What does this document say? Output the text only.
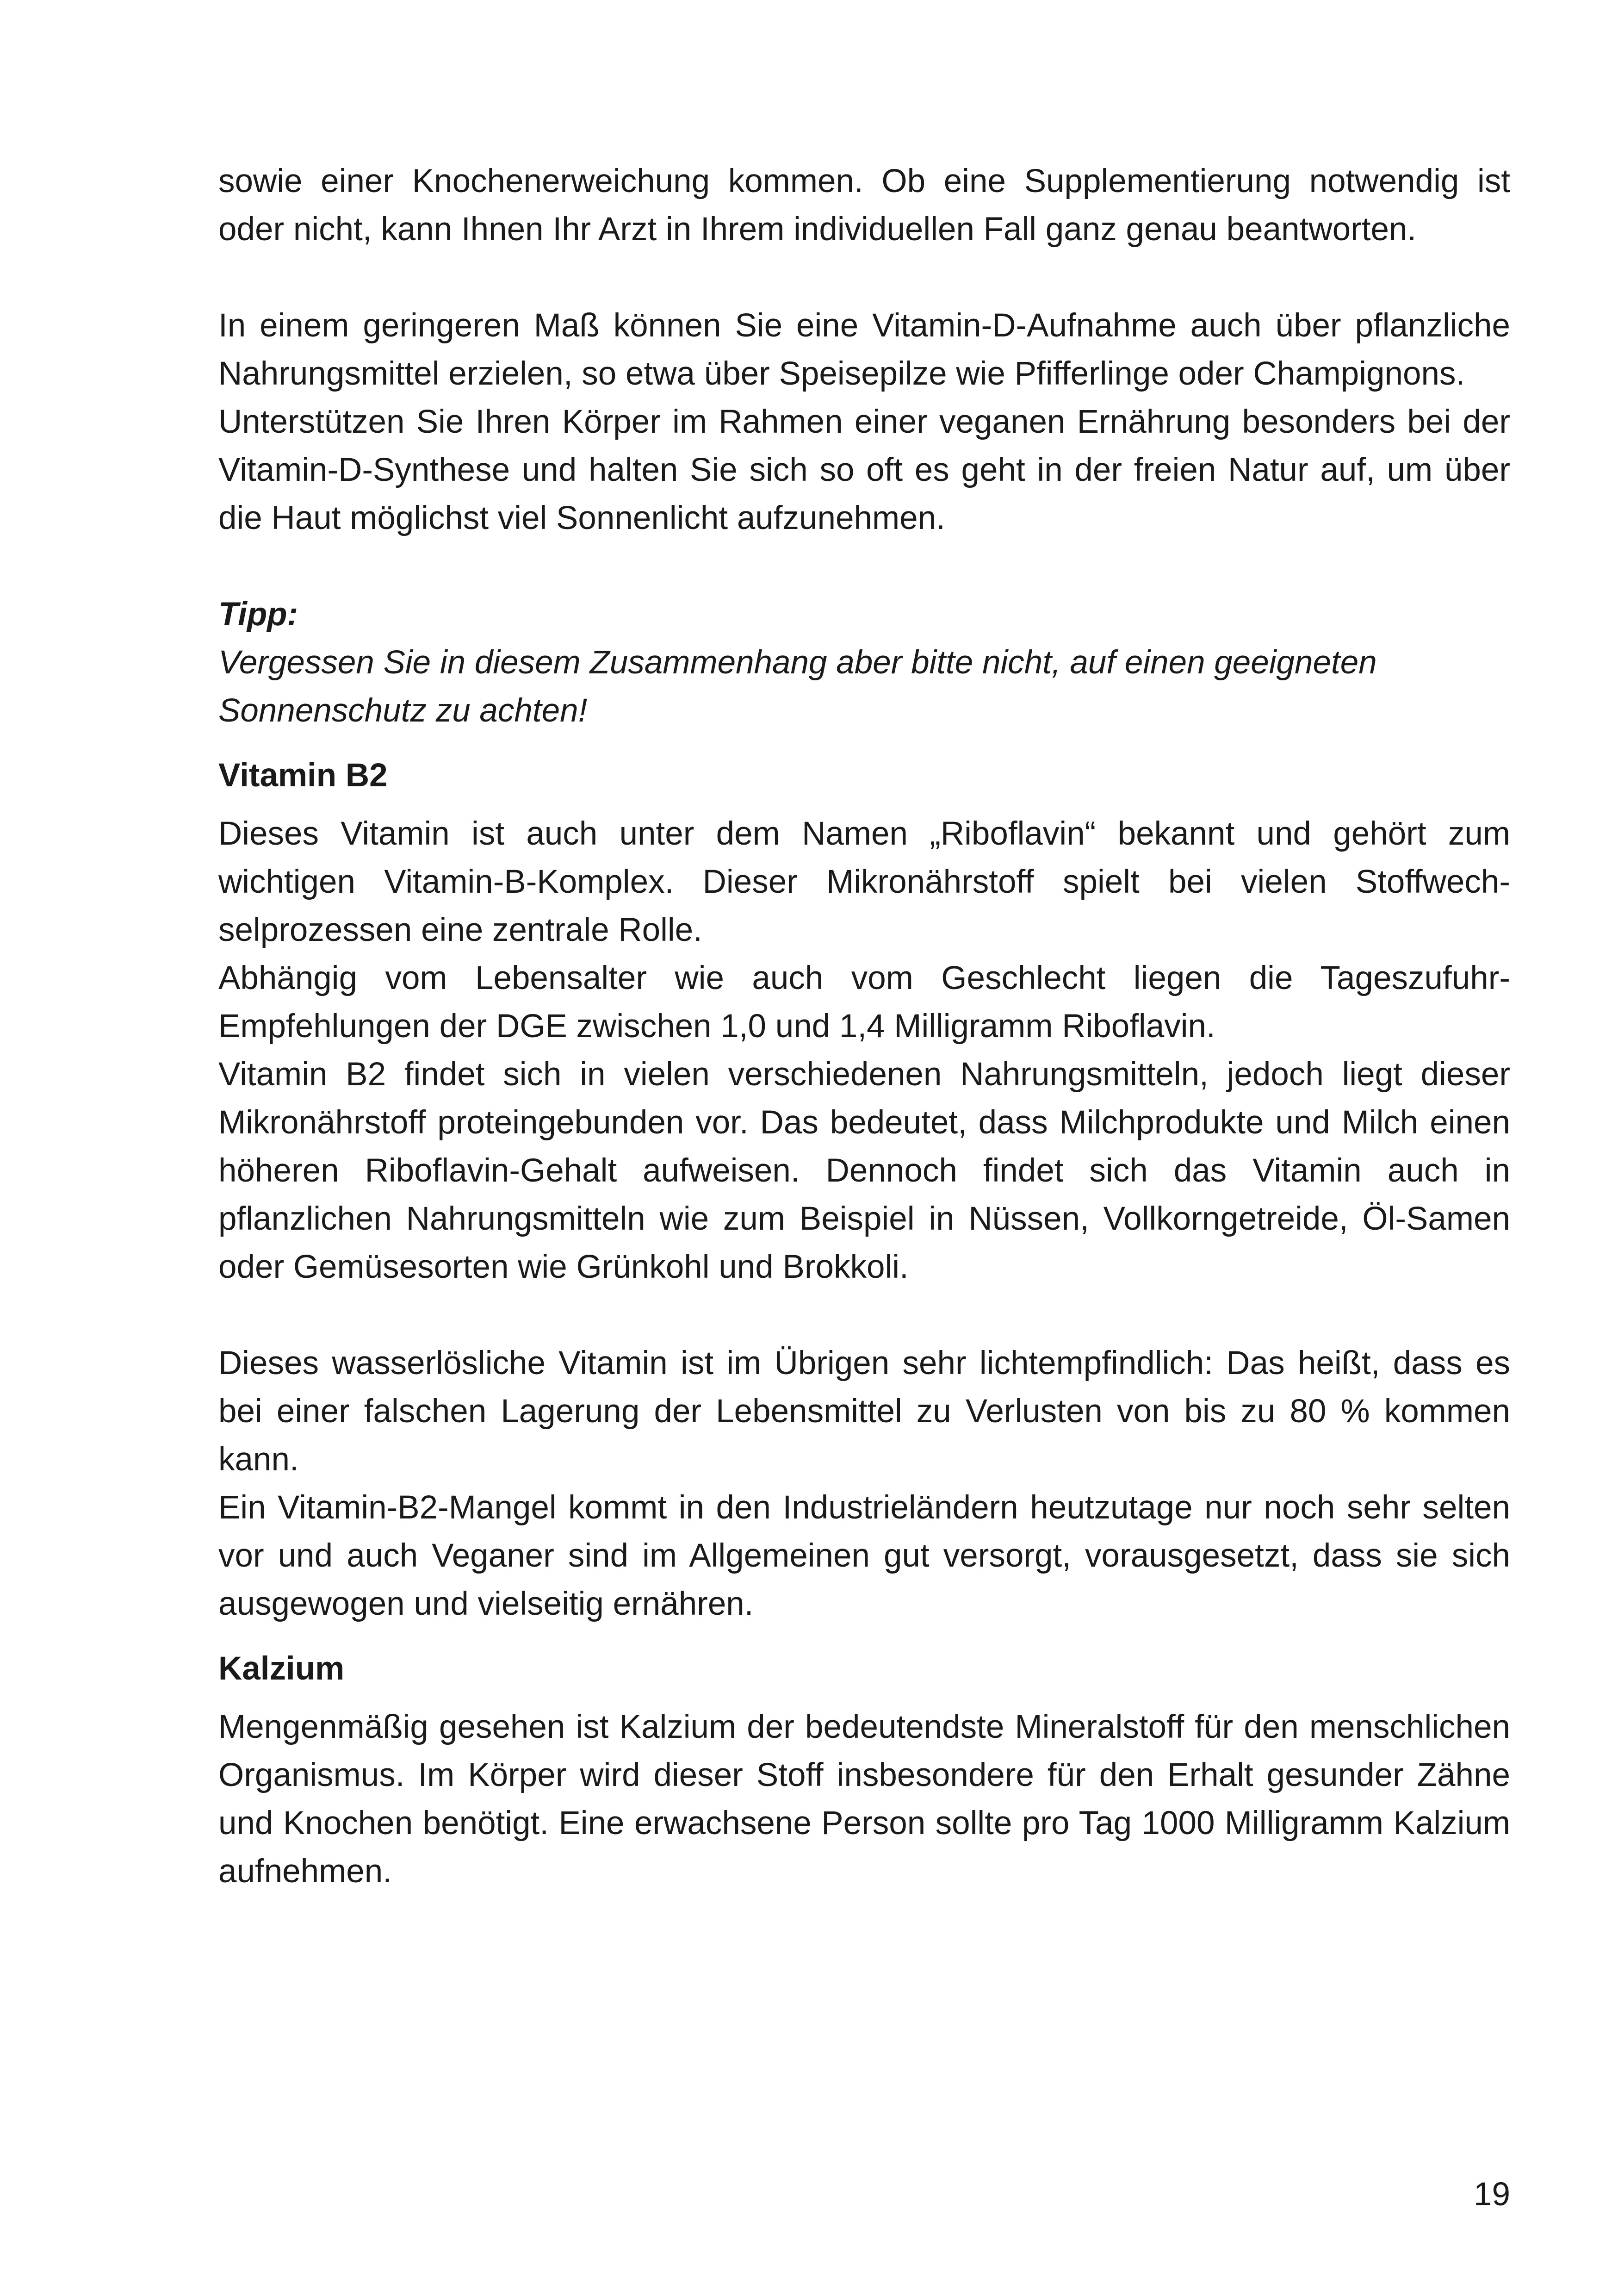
sowie einer Knochenerweichung kommen. Ob eine Supplementierung notwendig ist oder nicht, kann Ihnen Ihr Arzt in Ihrem individuellen Fall ganz genau beantworten.

In einem geringeren Maß können Sie eine Vitamin-D-Aufnahme auch über pflanzliche Nahrungsmittel erzielen, so etwa über Speisepilze wie Pfifferlinge oder Champignons.

Unterstützen Sie Ihren Körper im Rahmen einer veganen Ernährung besonders bei der Vitamin-D-Synthese und halten Sie sich so oft es geht in der freien Natur auf, um über die Haut möglichst viel Sonnenlicht aufzunehmen.

Tipp:

Vergessen Sie in diesem Zusammenhang aber bitte nicht, auf einen geeigneten Sonnenschutz zu achten!

Vitamin B2

Dieses Vitamin ist auch unter dem Namen „Riboflavin“ bekannt und gehört zum wichtigen Vitamin-B-Komplex. Dieser Mikronährstoff spielt bei vielen Stoffwechselprozessen eine zentrale Rolle.

Abhängig vom Lebensalter wie auch vom Geschlecht liegen die Tageszufuhr-Empfehlungen der DGE zwischen 1,0 und 1,4 Milligramm Riboflavin.

Vitamin B2 findet sich in vielen verschiedenen Nahrungsmitteln, jedoch liegt dieser Mikronährstoff proteingebunden vor. Das bedeutet, dass Milchprodukte und Milch einen höheren Riboflavin-Gehalt aufweisen. Dennoch findet sich das Vitamin auch in pflanzlichen Nahrungsmitteln wie zum Beispiel in Nüssen, Vollkorngetreide, Öl-Samen oder Gemüsesorten wie Grünkohl und Brokkoli.

Dieses wasserlösliche Vitamin ist im Übrigen sehr lichtempfindlich: Das heißt, dass es bei einer falschen Lagerung der Lebensmittel zu Verlusten von bis zu 80 % kommen kann.

Ein Vitamin-B2-Mangel kommt in den Industrieländern heutzutage nur noch sehr selten vor und auch Veganer sind im Allgemeinen gut versorgt, vorausgesetzt, dass sie sich ausgewogen und vielseitig ernähren.

Kalzium

Mengenmäßig gesehen ist Kalzium der bedeutendste Mineralstoff für den menschlichen Organismus. Im Körper wird dieser Stoff insbesondere für den Erhalt gesunder Zähne und Knochen benötigt. Eine erwachsene Person sollte pro Tag 1000 Milligramm Kalzium aufnehmen.

19
